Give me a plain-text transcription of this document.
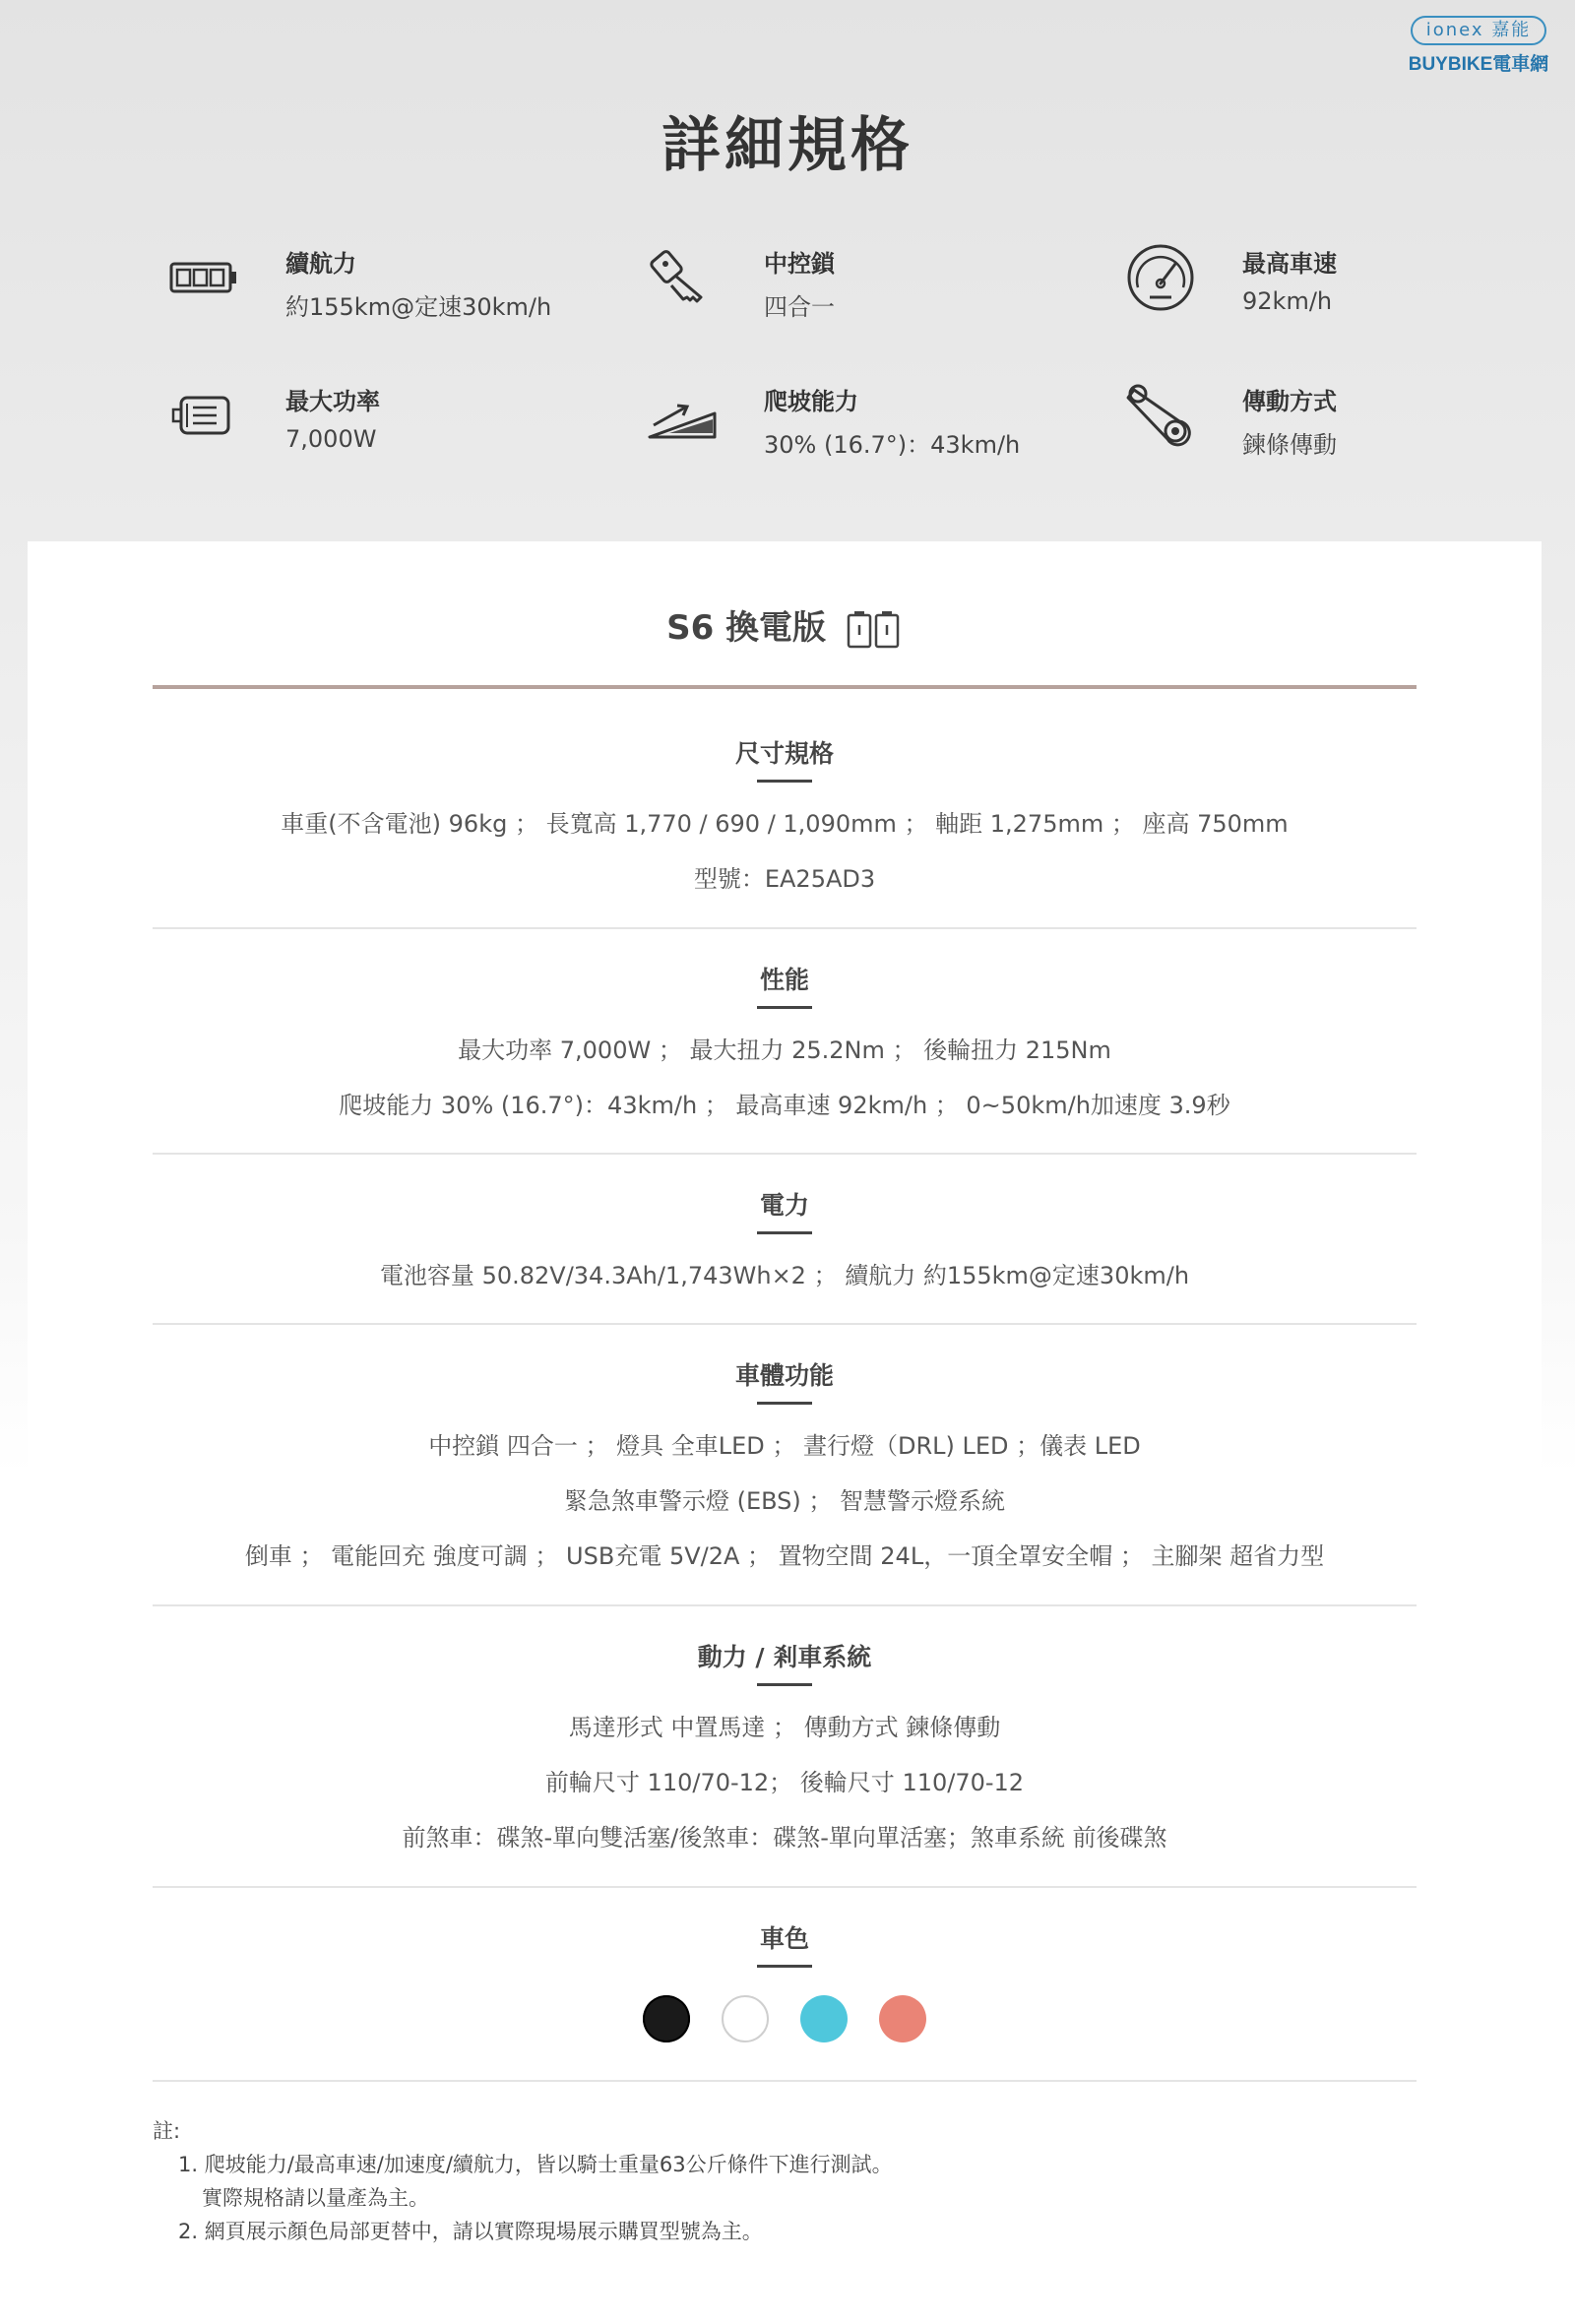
ionex 嘉能
BUYBIKE電車網
詳細規格
續航力
約155km@定速30km/h
中控鎖
四合一
最高車速
92km/h
最大功率
7,000W
爬坡能力
30% (16.7°)：43km/h
傳動方式
鍊條傳動
S6 換電版
尺寸規格
車重(不含電池) 96kg ； 長寬高 1,770 / 690 / 1,090mm ； 軸距 1,275mm ； 座高 750mm
型號：EA25AD3
性能
最大功率 7,000W ； 最大扭力 25.2Nm ； 後輪扭力 215Nm
爬坡能力 30% (16.7°)：43km/h ； 最高車速 92km/h ； 0~50km/h加速度 3.9秒
電力
電池容量 50.82V/34.3Ah/1,743Wh×2 ； 續航力 約155km@定速30km/h
車體功能
中控鎖 四合一 ； 燈具 全車LED ； 晝行燈（DRL) LED ；儀表 LED
緊急煞車警示燈 (EBS) ； 智慧警示燈系統
倒車 ； 電能回充 強度可調 ； USB充電 5V/2A ； 置物空間 24L，一頂全罩安全帽 ； 主腳架 超省力型
動力 / 剎車系統
馬達形式 中置馬達 ； 傳動方式 鍊條傳動
前輪尺寸 110/70-12； 後輪尺寸 110/70-12
前煞車：碟煞-單向雙活塞/後煞車：碟煞-單向單活塞；煞車系統 前後碟煞
車色
註:
1. 爬坡能力/最高車速/加速度/續航力，皆以騎士重量63公斤條件下進行測試。
實際規格請以量產為主。
2. 網頁展示顏色局部更替中，請以實際現場展示購買型號為主。
